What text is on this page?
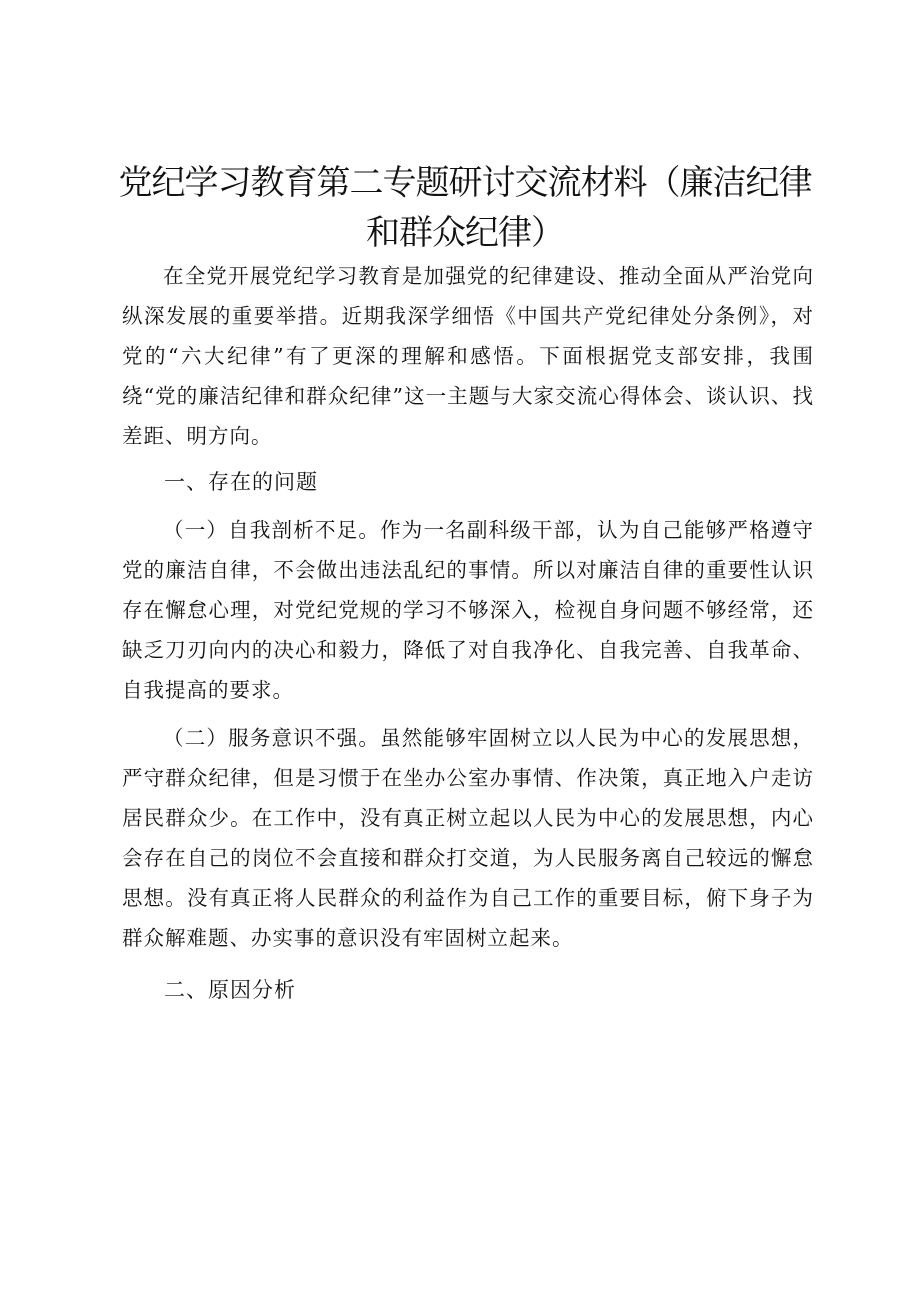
党纪学习教育第二专题研讨交流材料（廉洁纪律
和群众纪律）

在全党开展党纪学习教育是加强党的纪律建设、推动全面从严治党向纵深发展的重要举措。近期我深学细悟《中国共产党纪律处分条例》，对党的“六大纪律”有了更深的理解和感悟。下面根据党支部安排，我围绕“党的廉洁纪律和群众纪律”这一主题与大家交流心得体会、谈认识、找差距、明方向。

一、存在的问题

（一）自我剖析不足。作为一名副科级干部，认为自己能够严格遵守党的廉洁自律，不会做出违法乱纪的事情。所以对廉洁自律的重要性认识存在懈怠心理，对党纪党规的学习不够深入，检视自身问题不够经常，还缺乏刀刃向内的决心和毅力，降低了对自我净化、自我完善、自我革命、自我提高的要求。

（二）服务意识不强。虽然能够牢固树立以人民为中心的发展思想，严守群众纪律，但是习惯于在坐办公室办事情、作决策，真正地入户走访居民群众少。在工作中，没有真正树立起以人民为中心的发展思想，内心会存在自己的岗位不会直接和群众打交道，为人民服务离自己较远的懈怠思想。没有真正将人民群众的利益作为自己工作的重要目标，俯下身子为群众解难题、办实事的意识没有牢固树立起来。

二、原因分析
